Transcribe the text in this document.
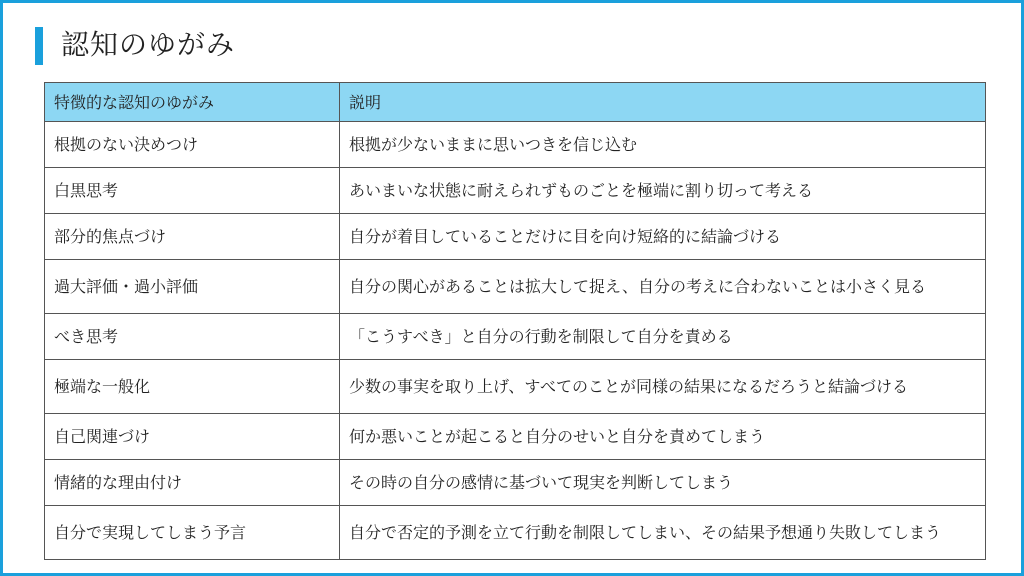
認知のゆがみ
特徴的な認知のゆがみ	説明
根拠のない決めつけ	根拠が少ないままに思いつきを信じ込む
白黒思考	あいまいな状態に耐えられずものごとを極端に割り切って考える
部分的焦点づけ	自分が着目していることだけに目を向け短絡的に結論づける
過大評価・過小評価	自分の関心があることは拡大して捉え、自分の考えに合わないことは小さく見る
べき思考	「こうすべき」と自分の行動を制限して自分を責める
極端な一般化	少数の事実を取り上げ、すべてのことが同様の結果になるだろうと結論づける
自己関連づけ	何か悪いことが起こると自分のせいと自分を責めてしまう
情緒的な理由付け	その時の自分の感情に基づいて現実を判断してしまう
自分で実現してしまう予言	自分で否定的予測を立て行動を制限してしまい、その結果予想通り失敗してしまう
